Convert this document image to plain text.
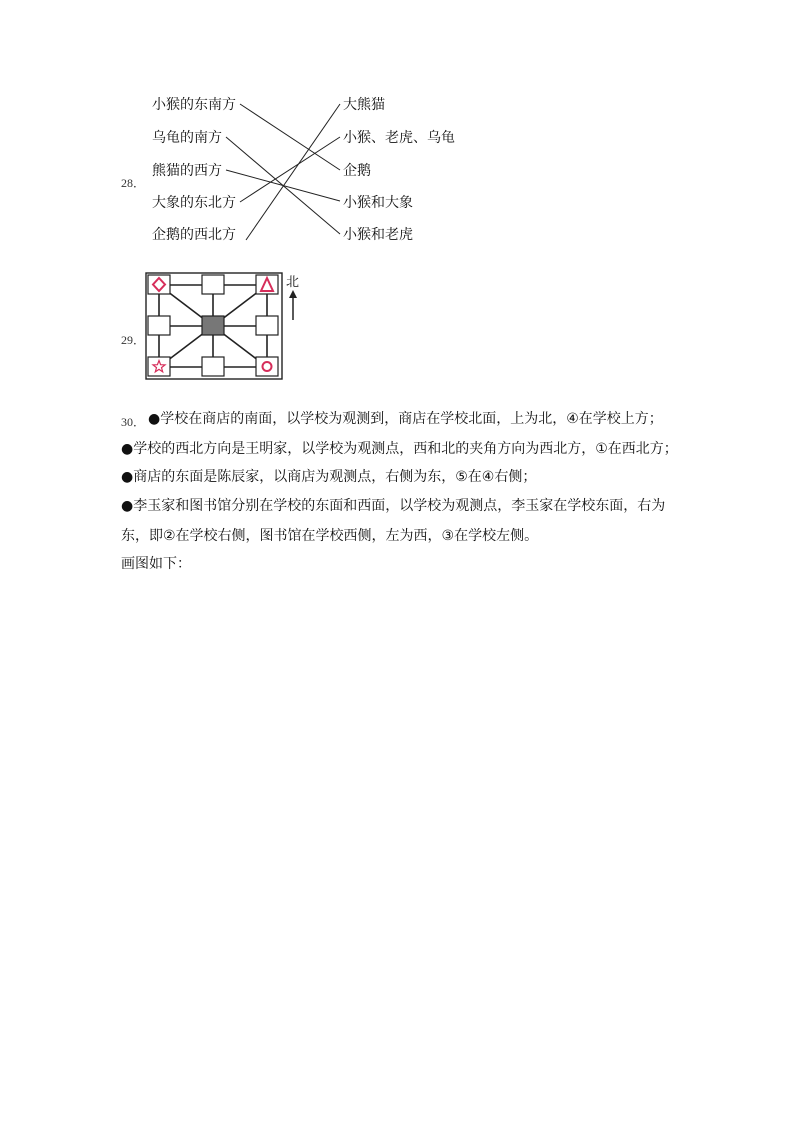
28．
小猴的东南方
乌龟的南方
熊猫的西方
大象的东北方
企鹅的西北方
大熊猫
小猴、老虎、乌龟
企鹅
小猴和大象
小猴和老虎
29．
北
30． ●学校在商店的南面，以学校为观测到，商店在学校北面，上为北，④在学校上方；
●学校的西北方向是王明家，以学校为观测点，西和北的夹角方向为西北方，①在西北方；
●商店的东面是陈辰家，以商店为观测点，右侧为东，⑤在④右侧；
●李玉家和图书馆分别在学校的东面和西面，以学校为观测点，李玉家在学校东面，右为
东，即②在学校右侧，图书馆在学校西侧，左为西，③在学校左侧。
画图如下：
